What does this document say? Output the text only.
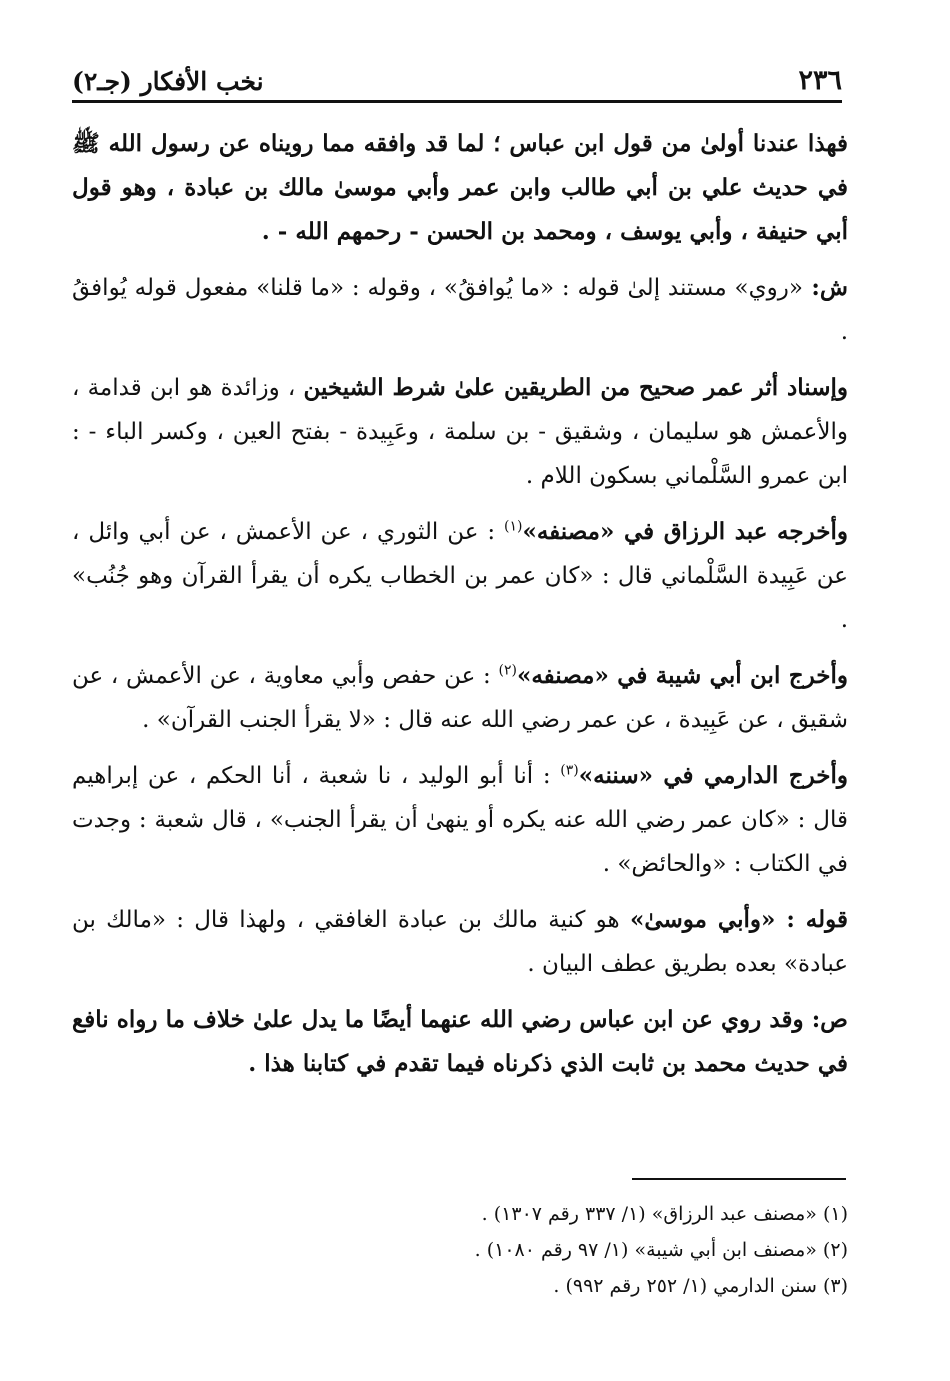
٢٣٦
نخب الأفكار (جـ٢)

فهذا عندنا أولىٰ من قول ابن عباس ؛ لما قد وافقه مما رويناه عن رسول الله ﷺ في حديث علي بن أبي طالب وابن عمر وأبي موسىٰ مالك بن عبادة ، وهو قول أبي حنيفة ، وأبي يوسف ، ومحمد بن الحسن - رحمهم الله - .

ش: «روي» مستند إلىٰ قوله : «ما يُوافقُ» ، وقوله : «ما قلنا» مفعول قوله يُوافقُ .

وإسناد أثر عمر صحيح من الطريقين علىٰ شرط الشيخين ، وزائدة هو ابن قدامة ، والأعمش هو سليمان ، وشقيق - بن سلمة ، وعَبِيدة - بفتح العين ، وكسر الباء - : ابن عمرو السَّلْماني بسكون اللام .

وأخرجه عبد الرزاق في «مصنفه»$^{(١)}$ : عن الثوري ، عن الأعمش ، عن أبي وائل ، عن عَبِيدة السَّلْماني قال : «كان عمر بن الخطاب يكره أن يقرأ القرآن وهو جُنُب» .

وأخرج ابن أبي شيبة في «مصنفه»$^{(٢)}$ : عن حفص وأبي معاوية ، عن الأعمش ، عن شقيق ، عن عَبِيدة ، عن عمر رضي الله عنه قال : «لا يقرأ الجنب القرآن» .

وأخرج الدارمي في «سننه»$^{(٣)}$ : أنا أبو الوليد ، نا شعبة ، أنا الحكم ، عن إبراهيم قال : «كان عمر رضي الله عنه يكره أو ينهىٰ أن يقرأ الجنب» ، قال شعبة : وجدت في الكتاب : «والحائض» .

قوله : «وأبي موسىٰ» هو كنية مالك بن عبادة الغافقي ، ولهذا قال : «مالك بن عبادة» بعده بطريق عطف البيان .

ص: وقد روي عن ابن عباس رضي الله عنهما أيضًا ما يدل علىٰ خلاف ما رواه نافع في حديث محمد بن ثابت الذي ذكرناه فيما تقدم في كتابنا هذا .

(١) «مصنف عبد الرزاق» (١/ ٣٣٧ رقم ١٣٠٧) .

(٢) «مصنف ابن أبي شيبة» (١/ ٩٧ رقم ١٠٨٠) .

(٣) سنن الدارمي (١/ ٢٥٢ رقم ٩٩٢) .
